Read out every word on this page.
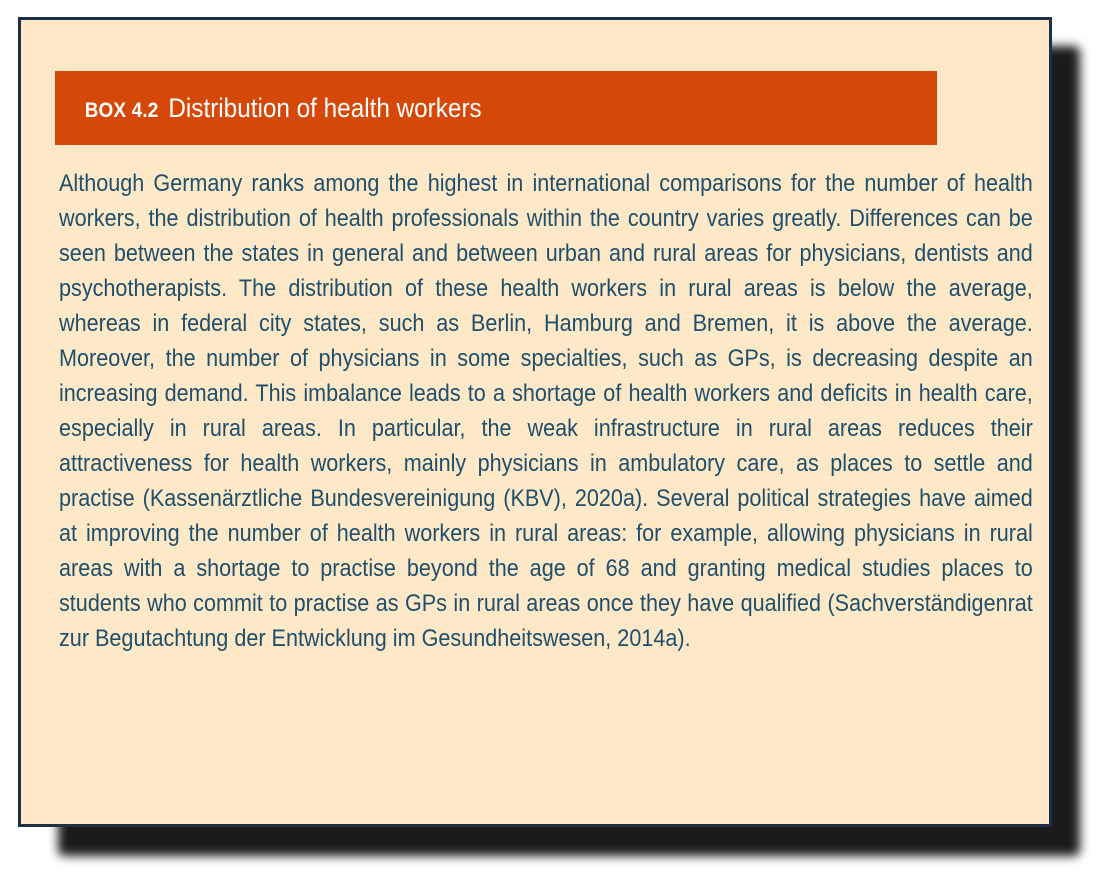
BOX 4.2 Distribution of health workers

Although Germany ranks among the highest in international comparisons for the number of health workers, the distribution of health professionals within the country varies greatly. Differences can be seen between the states in general and between urban and rural areas for physicians, dentists and psychotherapists. The distribution of these health workers in rural areas is below the average, whereas in federal city states, such as Berlin, Hamburg and Bremen, it is above the average. Moreover, the number of physicians in some specialties, such as GPs, is decreasing despite an increasing demand. This imbalance leads to a shortage of health workers and deficits in health care, especially in rural areas. In particular, the weak infrastructure in rural areas reduces their attractiveness for health workers, mainly physicians in ambulatory care, as places to settle and practise (Kassenärztliche Bundesvereinigung (KBV), 2020a). Several political strategies have aimed at improving the number of health workers in rural areas: for example, allowing physicians in rural areas with a shortage to practise beyond the age of 68 and granting medical studies places to students who commit to practise as GPs in rural areas once they have qualified (Sachverständigenrat zur Begutachtung der Entwicklung im Gesundheitswesen, 2014a).
